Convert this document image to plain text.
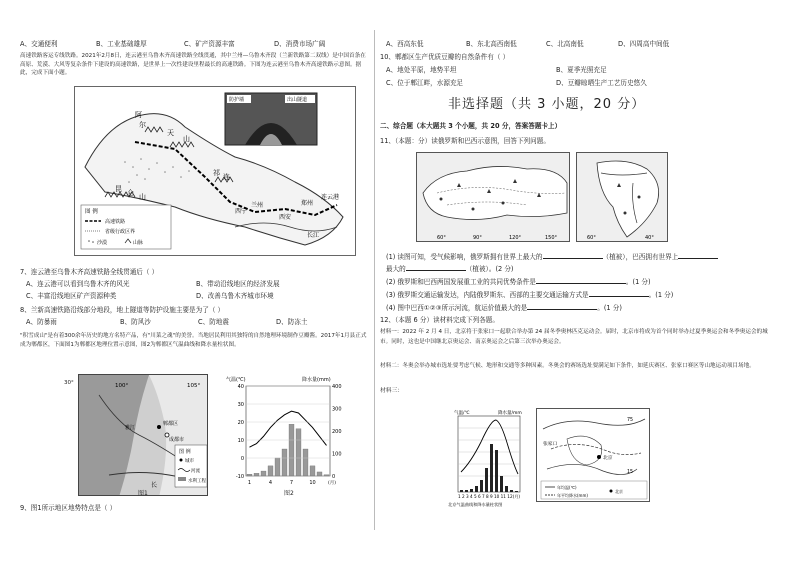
A、交通便利	B、工业基础雄厚	C、矿产资源丰富	D、消费市场广阔
高速铁路客运专线铁路。2021年2月8日，连云港至乌鲁木齐高速铁路全线贯通，其中兰州—乌鲁木齐段（兰新铁路第二双线）是中国首条在高原、荒漠、大风等复杂条件下建设的高速铁路，是世界上一次性建设里程最长的高速铁路。下图为连云港至乌鲁木齐高速铁路示意图。据此，完成下面小题。
防护墙	出山隧道
阿
尔
天
山
昆 仑 山
祁 连
西宁
兰州
西安
郑州
连云港
长江
图 例
高速铁路
省级行政区界
沙漠	山脉
7、连云港至乌鲁木齐高速铁路全线贯通后（ ）
A、连云港可以看到乌鲁木齐的风光	B、带动沿线地区的经济发展
C、丰富沿线地区矿产资源种类	D、改善乌鲁木齐城市环境
8、兰新高速铁路沿线部分地段，地上隧道等防护设施主要是为了（ ）
A、防暴雨	B、防风沙	C、防地震	D、防冻土
"积雪成山"是有着300余年历史的地方名特产品，有"川菜之魂"的美誉。当地居民利用其独特的自然地理环境制作豆瓣酱。2017年1月县正式成为郫都区，下面图1为郫都区地理位置示意图，图2为郫都区气温曲线和降水量柱状图。
100°	105°
雅江
郫都区
成都市
长
图 例
城市
河流
水利工程
30°
图1
40
30
20
10
0
-10
400
300
200
100
0
1	4	7	10	(月)
气温(℃)	降水量(mm)
图2
9、图1所示地区地势特点是（ ）
A、西高东低	B、东北高西南低	C、北高南低	D、四周高中间低
10、郫都区生产优质豆瓣的自然条件有（ ）
A、地处平原，地势平坦	B、夏季光照充足
C、位于郫江畔，水源充足	D、豆瓣晾晒生产工艺历史悠久
非选择题（共 3 小题，20 分）
二、综合题（本大题共 3 个小题，共 20 分，答案答题卡上）
11、（本题：分）读俄罗斯和巴西示意图，回答下列问题。
60°	90°	120°	150°	60°	40°
(1) 读图可知，受气候影响，俄罗斯拥有世界上最大的	（植被），巴西拥有世界上
最大的	（植被）。(2 分)
(2) 俄罗斯和巴西两国发展重工业的共同优势条件是	。(1 分)
(3) 俄罗斯交通运输发达，内陆俄罗斯东、西部的主要交通运输方式是	。(1 分)
(4) 图中巴西①②③所示河流，航运价值最大的是	。(1 分)
12、（本题 6 分）读材料完成下列各题。
材料一：2022 年 2 月 4 日，北京将于张家口一起联合举办第 24 届冬季奥林匹克运动会。届时，北京市将成为首个同时举办过夏季奥运会和冬季奥运会的城市。同时，这也是中国继北京奥运会、南京奥运会之后第三次举办奥运会。
材料二：冬奥会举办城市选址要考虑气候、地形和交通等多种因素。冬奥会的赛场选址要满足如下条件，如延庆赛区、张家口赛区等山地运动项目场地。
材料三：
气温/℃	降水量/mm
1 2 3 4 5 6 7 8 9 10 11 12(月)
北京气温曲线和降水量柱状图
张家口
北京
75
15
年均温(℃)
年平均降水(mm)
北京
